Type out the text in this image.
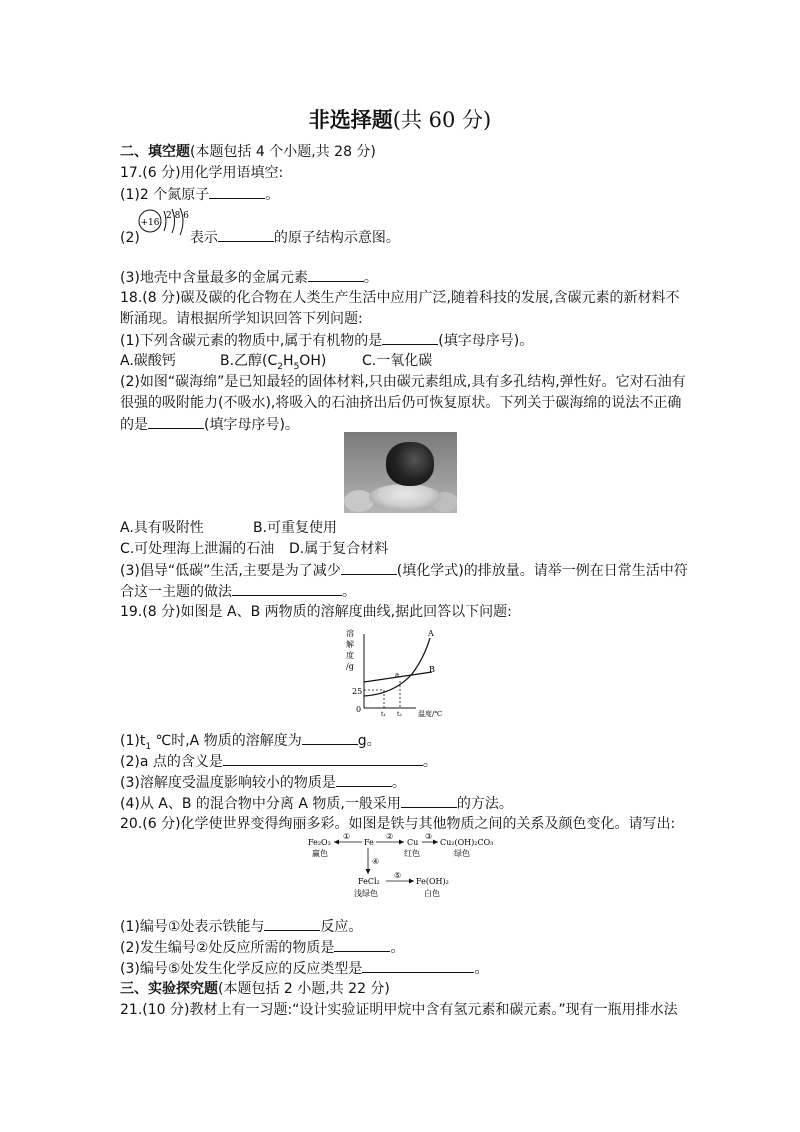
非选择题(共 60 分)
二、填空题(本题包括 4 个小题,共 28 分)
17.(6 分)用化学用语填空:
(1)2 个氮原子	。
+16
2 8 6
(2)	表示	的原子结构示意图。
(3)地壳中含量最多的金属元素	。
18.(8 分)碳及碳的化合物在人类生产生活中应用广泛,随着科技的发展,含碳元素的新材料不
断涌现。请根据所学知识回答下列问题:
(1)下列含碳元素的物质中,属于有机物的是	(填字母序号)。
A.碳酸钙	B.乙醇$(C_2H_5OH)$	C.一氧化碳
(2)如图“碳海绵”是已知最轻的固体材料,只由碳元素组成,具有多孔结构,弹性好。它对石油有
很强的吸附能力(不吸水),将吸入的石油挤出后仍可恢复原状。下列关于碳海绵的说法不正确
的是	(填字母序号)。
A.具有吸附性	B.可重复使用
C.可处理海上泄漏的石油 D.属于复合材料
(3)倡导“低碳”生活,主要是为了减少	(填化学式)的排放量。请举一例在日常生活中符
合这一主题的做法	。
19.(8 分)如图是 A、B 两物质的溶解度曲线,据此回答以下问题:
溶
解
度
/g
25
0
A
B
a
t₁ t₂ 温度/℃
$(1)t_1$ ℃时,A 物质的溶解度为	g。
(2)a 点的含义是	。
(3)溶解度受温度影响较小的物质是	。
(4)从 A、B 的混合物中分离 A 物质,一般采用	的方法。
20.(6 分)化学使世界变得绚丽多彩。如图是铁与其他物质之间的关系及颜色变化。请写出:
Fe₂O₃
赢色
①
Fe
②
Cu
红色
③
Cu₂(OH)₂CO₃
绿色
④
FeCl₂
浅绿色
⑤
Fe(OH)₂
白色
(1)编号①处表示铁能与	反应。
(2)发生编号②处反应所需的物质是	。
(3)编号⑤处发生化学反应的反应类型是	。
三、实验探究题(本题包括 2 小题,共 22 分)
21.(10 分)教材上有一习题:“设计实验证明甲烷中含有氢元素和碳元素。”现有一瓶用排水法
